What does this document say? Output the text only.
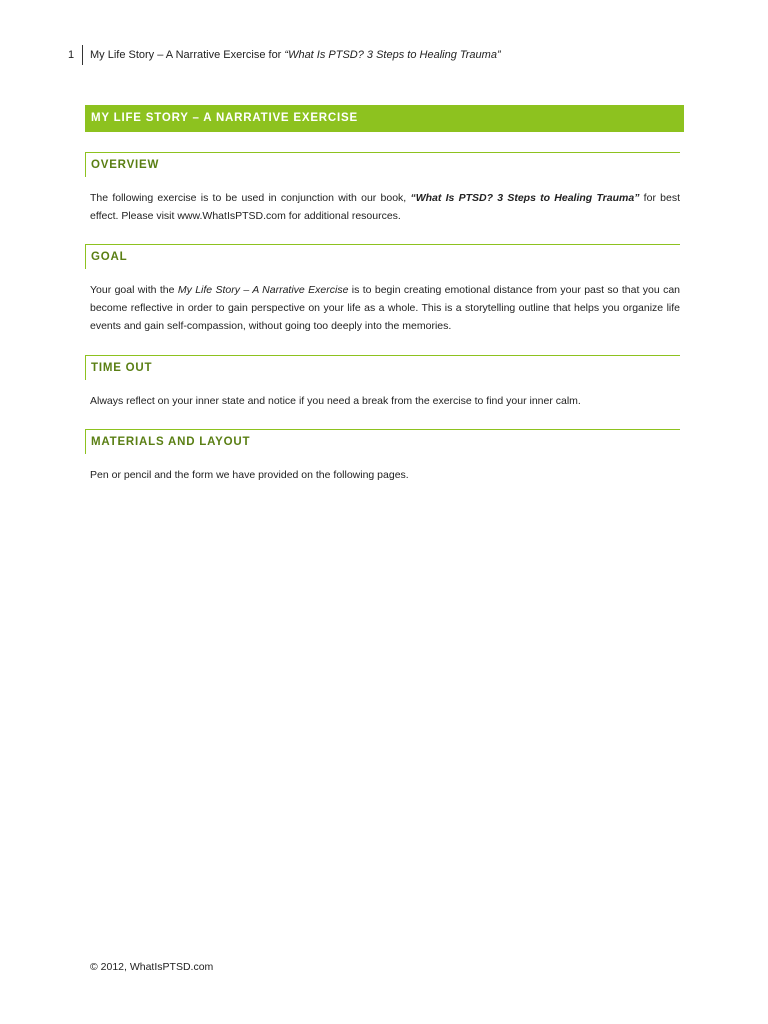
1	My Life Story – A Narrative Exercise for “What Is PTSD? 3 Steps to Healing Trauma”
MY LIFE STORY – A NARRATIVE EXERCISE
OVERVIEW
The following exercise is to be used in conjunction with our book, “What Is PTSD? 3 Steps to Healing Trauma” for best effect. Please visit www.WhatIsPTSD.com for additional resources.
GOAL
Your goal with the My Life Story – A Narrative Exercise is to begin creating emotional distance from your past so that you can become reflective in order to gain perspective on your life as a whole. This is a storytelling outline that helps you organize life events and gain self-compassion, without going too deeply into the memories.
TIME OUT
Always reflect on your inner state and notice if you need a break from the exercise to find your inner calm.
MATERIALS AND LAYOUT
Pen or pencil and the form we have provided on the following pages.
© 2012, WhatIsPTSD.com
